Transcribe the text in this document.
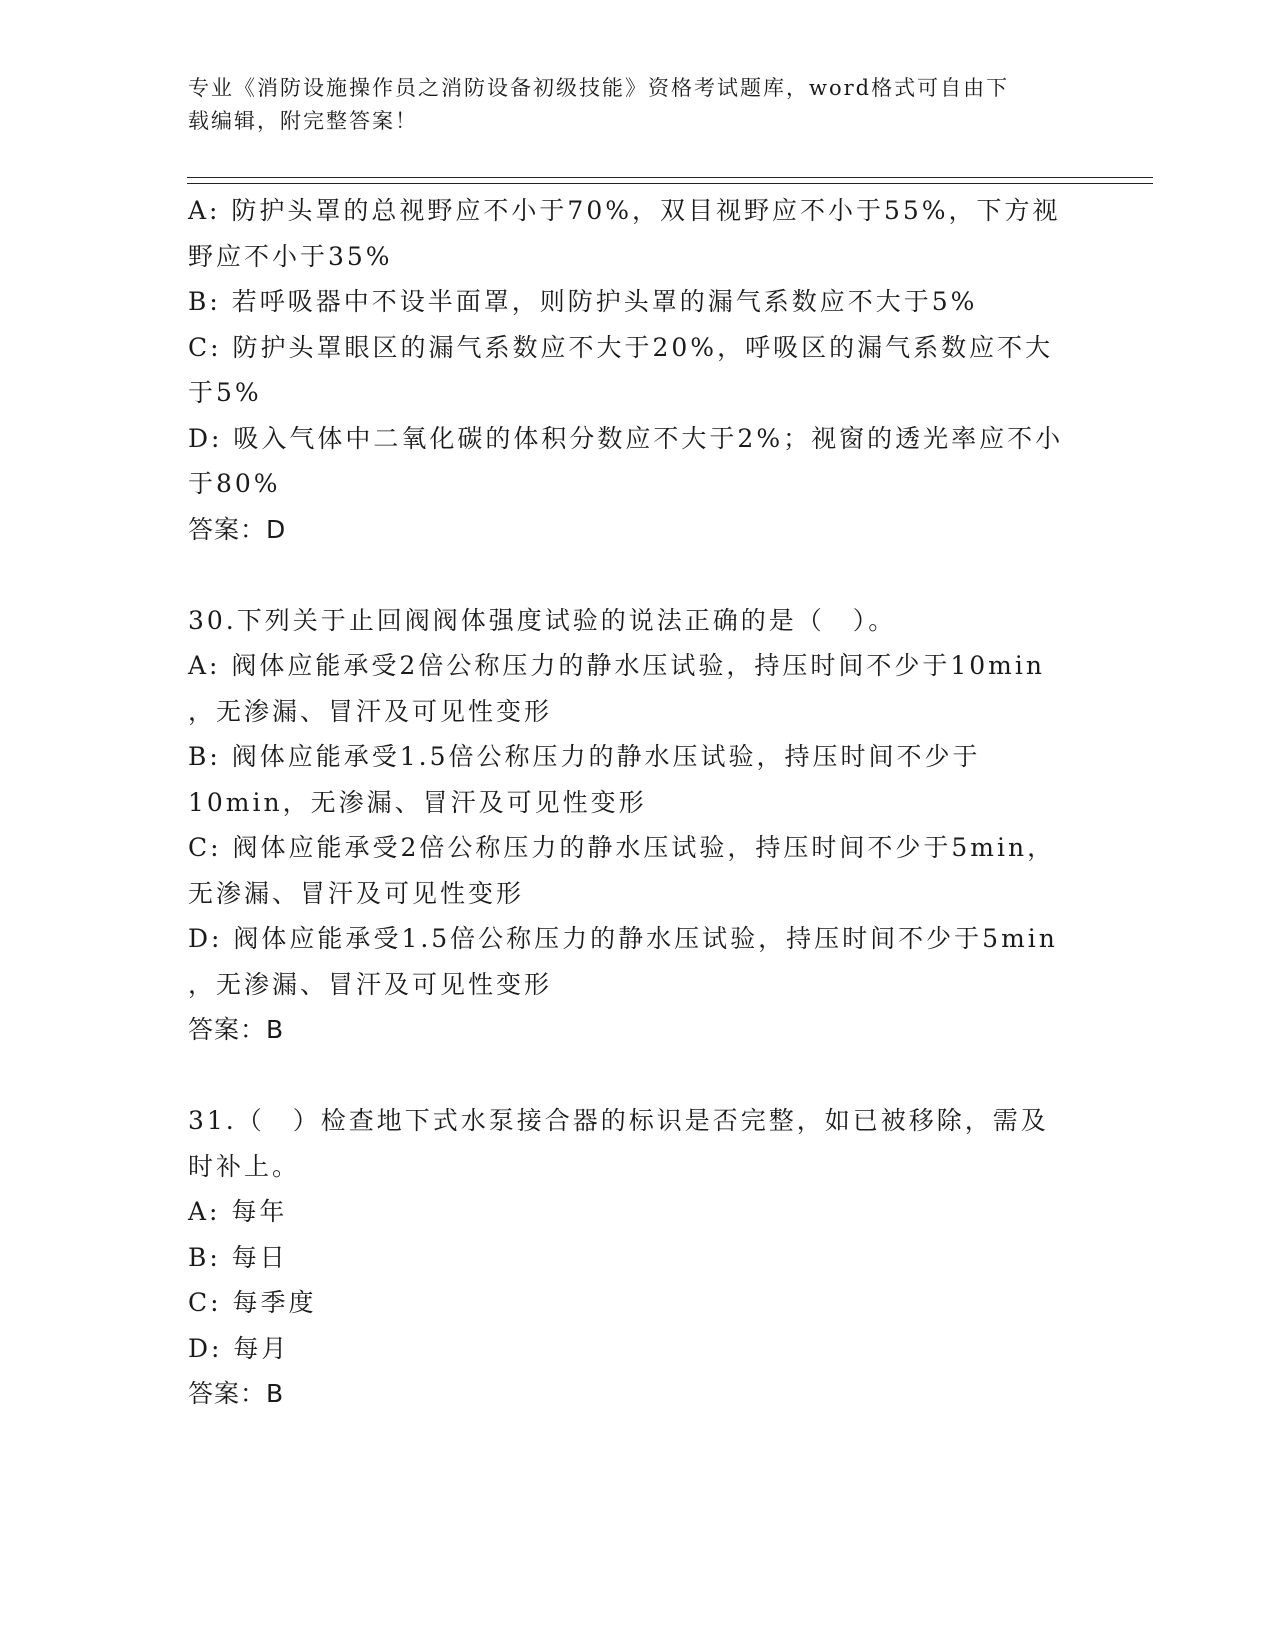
专业《消防设施操作员之消防设备初级技能》资格考试题库，word格式可自由下
载编辑，附完整答案！
A: 防护头罩的总视野应不小于70%，双目视野应不小于55%，下方视
野应不小于35%
B: 若呼吸器中不设半面罩，则防护头罩的漏气系数应不大于5%
C: 防护头罩眼区的漏气系数应不大于20%，呼吸区的漏气系数应不大
于5%
D: 吸入气体中二氧化碳的体积分数应不大于2%；视窗的透光率应不小
于80%
答案：D
30.下列关于止回阀阀体强度试验的说法正确的是（　）。
A: 阀体应能承受2倍公称压力的静水压试验，持压时间不少于10min
，无渗漏、冒汗及可见性变形
B: 阀体应能承受1.5倍公称压力的静水压试验，持压时间不少于
10min，无渗漏、冒汗及可见性变形
C: 阀体应能承受2倍公称压力的静水压试验，持压时间不少于5min，
无渗漏、冒汗及可见性变形
D: 阀体应能承受1.5倍公称压力的静水压试验，持压时间不少于5min
，无渗漏、冒汗及可见性变形
答案：B
31.（　）检查地下式水泵接合器的标识是否完整，如已被移除，需及
时补上。
A: 每年
B: 每日
C: 每季度
D: 每月
答案：B
